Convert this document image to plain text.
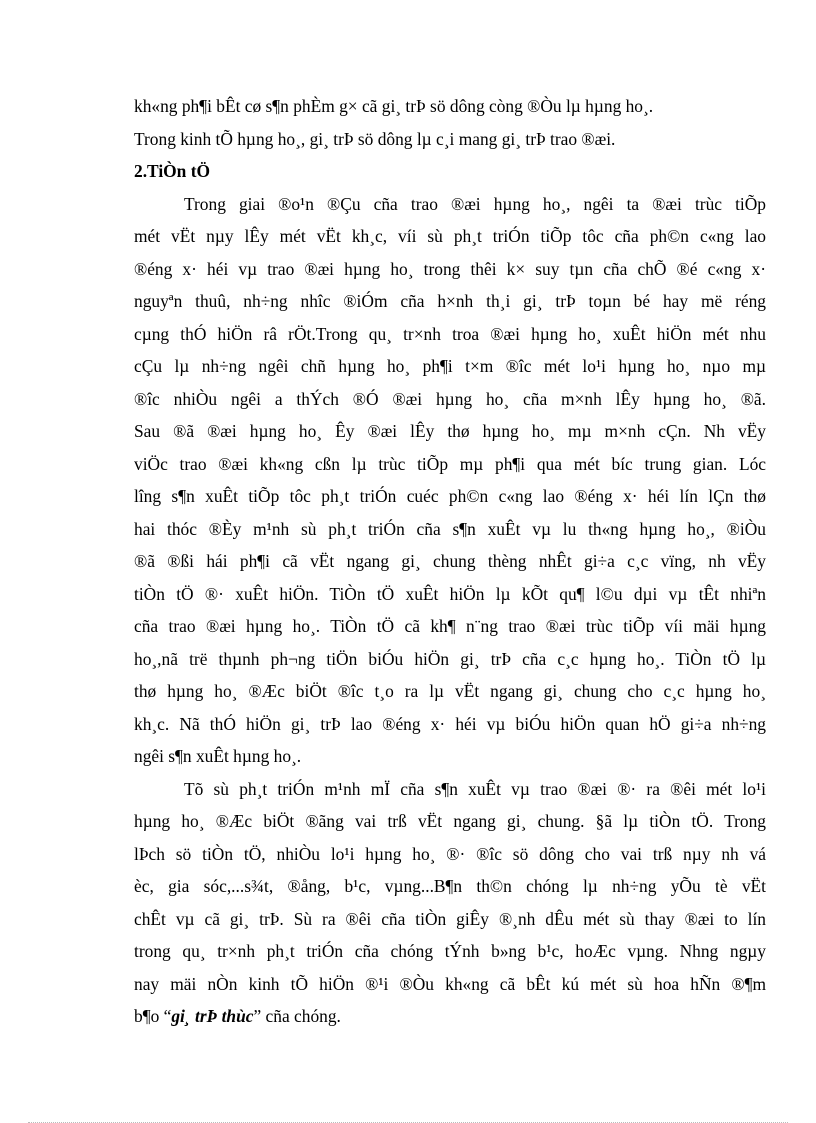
kh«ng ph¶i bÊt cø s¶n phÈm g× cã gi¸ trÞ sö dông còng ®Òu lµ hµng ho¸.
Trong kinh tÕ hµng ho¸, gi¸ trÞ sö dông lµ c¸i mang gi¸ trÞ trao ®æi.
2.TiÒn tÖ
Trong giai ®o¹n ®Çu cña trao ®æi hµng ho¸, ngêi ta ®æi trùc tiÕp
mét vËt nµy lÊy mét vËt kh¸c, víi sù ph¸t triÓn tiÕp tôc cña ph©n c«ng lao
®éng x· héi vµ trao ®æi hµng ho¸ trong thêi k× suy tµn cña chÕ ®é c«ng x·
nguyªn thuû, nh÷ng nhîc ®iÓm cña h×nh th¸i gi¸ trÞ toµn bé hay më réng
cµng thÓ hiÖn râ rÖt.Trong qu¸ tr×nh troa ®æi hµng ho¸ xuÊt hiÖn mét nhu
cÇu lµ nh÷ng ngêi chñ hµng ho¸ ph¶i t×m ®îc mét lo¹i hµng ho¸ nµo mµ
®îc nhiÒu ngêi a thÝch ®Ó ®æi hµng ho¸ cña m×nh lÊy hµng ho¸ ®ã.
Sau ®ã ®æi hµng ho¸ Êy ®æi lÊy thø hµng ho¸ mµ m×nh cÇn. Nh vËy
viÖc trao ®æi kh«ng cßn lµ trùc tiÕp mµ ph¶i qua mét bíc trung gian. Lóc
lîng s¶n xuÊt tiÕp tôc ph¸t triÓn cuéc ph©n c«ng lao ®éng x· héi lín lÇn thø
hai thóc ®Èy m¹nh sù ph¸t triÓn cña s¶n xuÊt vµ lu th«ng hµng ho¸, ®iÒu
®ã ®ßi hái ph¶i cã vËt ngang gi¸ chung thèng nhÊt gi÷a c¸c vïng, nh vËy
tiÒn tÖ ®· xuÊt hiÖn. TiÒn tÖ xuÊt hiÖn lµ kÕt qu¶ l©u dµi vµ tÊt nhiªn
cña trao ®æi hµng ho¸. TiÒn tÖ cã kh¶ n¨ng trao ®æi trùc tiÕp víi mäi hµng
ho¸,nã trë thµnh ph¬ng tiÖn biÓu hiÖn gi¸ trÞ cña c¸c hµng ho¸. TiÒn tÖ lµ
thø hµng ho¸ ®Æc biÖt ®îc t¸o ra lµ vËt ngang gi¸ chung cho c¸c hµng ho¸
kh¸c. Nã thÓ hiÖn gi¸ trÞ lao ®éng x· héi vµ biÓu hiÖn quan hÖ gi÷a nh÷ng
ngêi s¶n xuÊt hµng ho¸.
Tõ sù ph¸t triÓn m¹nh mÏ cña s¶n xuÊt vµ trao ®æi ®· ra ®êi mét lo¹i
hµng ho¸ ®Æc biÖt ®ãng vai trß vËt ngang gi¸ chung. §ã lµ tiÒn tÖ. Trong
lÞch sö tiÒn tÖ, nhiÒu lo¹i hµng ho¸ ®· ®îc sö dông cho vai trß nµy nh vá
èc, gia sóc,...s¾t, ®ång, b¹c, vµng...B¶n th©n chóng lµ nh÷ng yÕu tè vËt
chÊt vµ cã gi¸ trÞ. Sù ra ®êi cña tiÒn giÊy ®¸nh dÊu mét sù thay ®æi to lín
trong qu¸ tr×nh ph¸t triÓn cña chóng tÝnh b»ng b¹c, hoÆc vµng. Nhng ngµy
nay mäi nÒn kinh tÕ hiÖn ®¹i ®Òu kh«ng cã bÊt kú mét sù hoa hÑn ®¶m
b¶o “gi¸ trÞ thùc” cña chóng.
